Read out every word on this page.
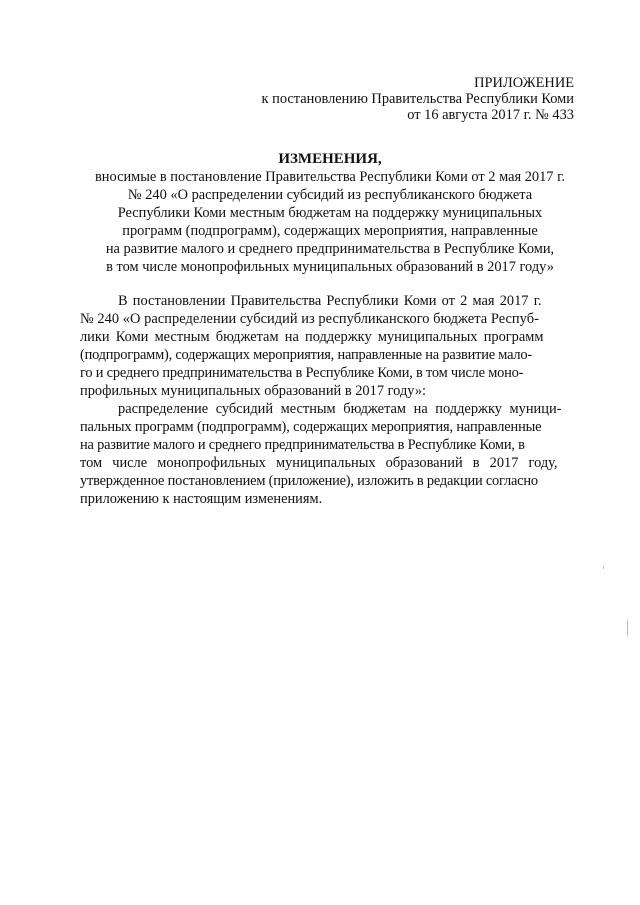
ПРИЛОЖЕНИЕ
к постановлению Правительства Республики Коми
от 16 августа 2017 г. № 433
ИЗМЕНЕНИЯ,
вносимые в постановление Правительства Республики Коми от 2 мая 2017 г.
№ 240 «О распределении субсидий из республиканского бюджета
Республики Коми местным бюджетам на поддержку муниципальных
программ (подпрограмм), содержащих мероприятия, направленные
на развитие малого и среднего предпринимательства в Республике Коми,
в том числе монопрофильных муниципальных образований в 2017 году»
В постановлении Правительства Республики Коми от 2 мая 2017 г.
№ 240 «О распределении субсидий из республиканского бюджета Респуб-
лики Коми местным бюджетам на поддержку муниципальных программ
(подпрограмм), содержащих мероприятия, направленные на развитие мало-
го и среднего предпринимательства в Республике Коми, в том числе моно-
профильных муниципальных образований в 2017 году»:
распределение субсидий местным бюджетам на поддержку муници-
пальных программ (подпрограмм), содержащих мероприятия, направленные
на развитие малого и среднего предпринимательства в Республике Коми, в
том числе монопрофильных муниципальных образований в 2017 году,
утвержденное постановлением (приложение), изложить в редакции согласно
приложению к настоящим изменениям.
